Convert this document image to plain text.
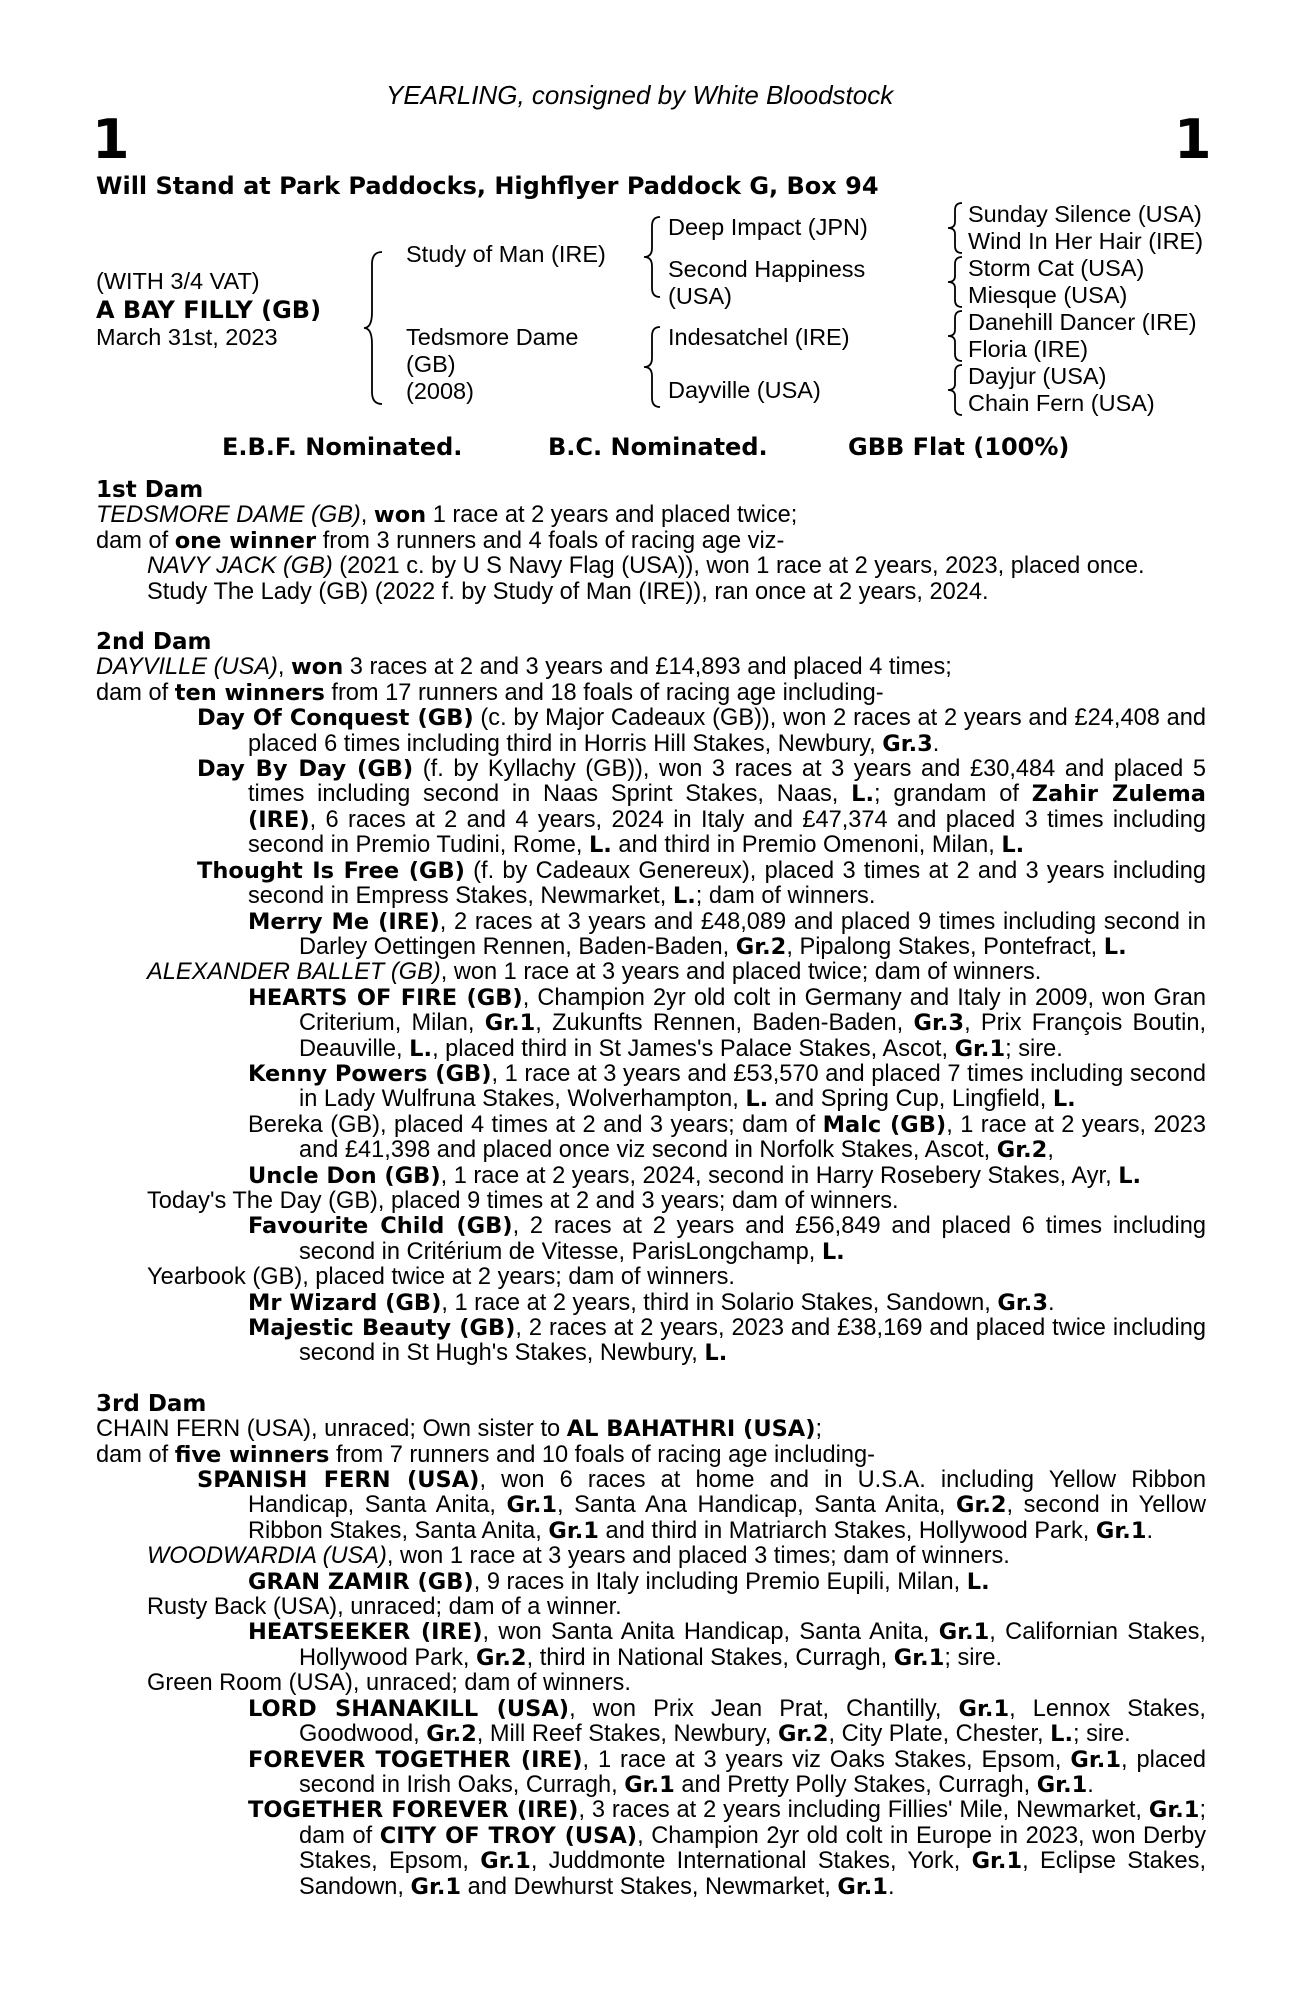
YEARLING, consigned by White Bloodstock
1	1
Will Stand at Park Paddocks, Highflyer Paddock G, Box 94
(WITH 3/4 VAT)
A BAY FILLY (GB)
March 31st, 2023
Study of Man (IRE)
Tedsmore Dame
(GB)
(2008)
Deep Impact (JPN)
Second Happiness
(USA)
Indesatchel (IRE)
Dayville (USA)
Sunday Silence (USA)
Wind In Her Hair (IRE)
Storm Cat (USA)
Miesque (USA)
Danehill Dancer (IRE)
Floria (IRE)
Dayjur (USA)
Chain Fern (USA)
E.B.F. Nominated.	B.C. Nominated.	GBB Flat (100%)
1st Dam

TEDSMORE DAME (GB), won 1 race at 2 years and placed twice;

dam of one winner from 3 runners and 4 foals of racing age viz-

NAVY JACK (GB) (2021 c. by U S Navy Flag (USA)), won 1 race at 2 years, 2023, placed once.

Study The Lady (GB) (2022 f. by Study of Man (IRE)), ran once at 2 years, 2024.

2nd Dam

DAYVILLE (USA), won 3 races at 2 and 3 years and £14,893 and placed 4 times;

dam of ten winners from 17 runners and 18 foals of racing age including-

Day Of Conquest (GB) (c. by Major Cadeaux (GB)), won 2 races at 2 years and £24,408 and placed 6 times including third in Horris Hill Stakes, Newbury, Gr.3.

Day By Day (GB) (f. by Kyllachy (GB)), won 3 races at 3 years and £30,484 and placed 5 times including second in Naas Sprint Stakes, Naas, L.; grandam of Zahir Zulema (IRE), 6 races at 2 and 4 years, 2024 in Italy and £47,374 and placed 3 times including second in Premio Tudini, Rome, L. and third in Premio Omenoni, Milan, L.

Thought Is Free (GB) (f. by Cadeaux Genereux), placed 3 times at 2 and 3 years including second in Empress Stakes, Newmarket, L.; dam of winners.

Merry Me (IRE), 2 races at 3 years and £48,089 and placed 9 times including second in Darley Oettingen Rennen, Baden-Baden, Gr.2, Pipalong Stakes, Pontefract, L.

ALEXANDER BALLET (GB), won 1 race at 3 years and placed twice; dam of winners.

HEARTS OF FIRE (GB), Champion 2yr old colt in Germany and Italy in 2009, won Gran Criterium, Milan, Gr.1, Zukunfts Rennen, Baden-Baden, Gr.3, Prix François Boutin, Deauville, L., placed third in St James's Palace Stakes, Ascot, Gr.1; sire.

Kenny Powers (GB), 1 race at 3 years and £53,570 and placed 7 times including second in Lady Wulfruna Stakes, Wolverhampton, L. and Spring Cup, Lingfield, L.

Bereka (GB), placed 4 times at 2 and 3 years; dam of Malc (GB), 1 race at 2 years, 2023 and £41,398 and placed once viz second in Norfolk Stakes, Ascot, Gr.2,

Uncle Don (GB), 1 race at 2 years, 2024, second in Harry Rosebery Stakes, Ayr, L.

Today's The Day (GB), placed 9 times at 2 and 3 years; dam of winners.

Favourite Child (GB), 2 races at 2 years and £56,849 and placed 6 times including second in Critérium de Vitesse, ParisLongchamp, L.

Yearbook (GB), placed twice at 2 years; dam of winners.

Mr Wizard (GB), 1 race at 2 years, third in Solario Stakes, Sandown, Gr.3.

Majestic Beauty (GB), 2 races at 2 years, 2023 and £38,169 and placed twice including second in St Hugh's Stakes, Newbury, L.

3rd Dam

CHAIN FERN (USA), unraced; Own sister to AL BAHATHRI (USA);

dam of five winners from 7 runners and 10 foals of racing age including-

SPANISH FERN (USA), won 6 races at home and in U.S.A. including Yellow Ribbon Handicap, Santa Anita, Gr.1, Santa Ana Handicap, Santa Anita, Gr.2, second in Yellow Ribbon Stakes, Santa Anita, Gr.1 and third in Matriarch Stakes, Hollywood Park, Gr.1.

WOODWARDIA (USA), won 1 race at 3 years and placed 3 times; dam of winners.

GRAN ZAMIR (GB), 9 races in Italy including Premio Eupili, Milan, L.

Rusty Back (USA), unraced; dam of a winner.

HEATSEEKER (IRE), won Santa Anita Handicap, Santa Anita, Gr.1, Californian Stakes, Hollywood Park, Gr.2, third in National Stakes, Curragh, Gr.1; sire.

Green Room (USA), unraced; dam of winners.

LORD SHANAKILL (USA), won Prix Jean Prat, Chantilly, Gr.1, Lennox Stakes, Goodwood, Gr.2, Mill Reef Stakes, Newbury, Gr.2, City Plate, Chester, L.; sire.

FOREVER TOGETHER (IRE), 1 race at 3 years viz Oaks Stakes, Epsom, Gr.1, placed second in Irish Oaks, Curragh, Gr.1 and Pretty Polly Stakes, Curragh, Gr.1.

TOGETHER FOREVER (IRE), 3 races at 2 years including Fillies' Mile, Newmarket, Gr.1; dam of CITY OF TROY (USA), Champion 2yr old colt in Europe in 2023, won Derby Stakes, Epsom, Gr.1, Juddmonte International Stakes, York, Gr.1, Eclipse Stakes, Sandown, Gr.1 and Dewhurst Stakes, Newmarket, Gr.1.
